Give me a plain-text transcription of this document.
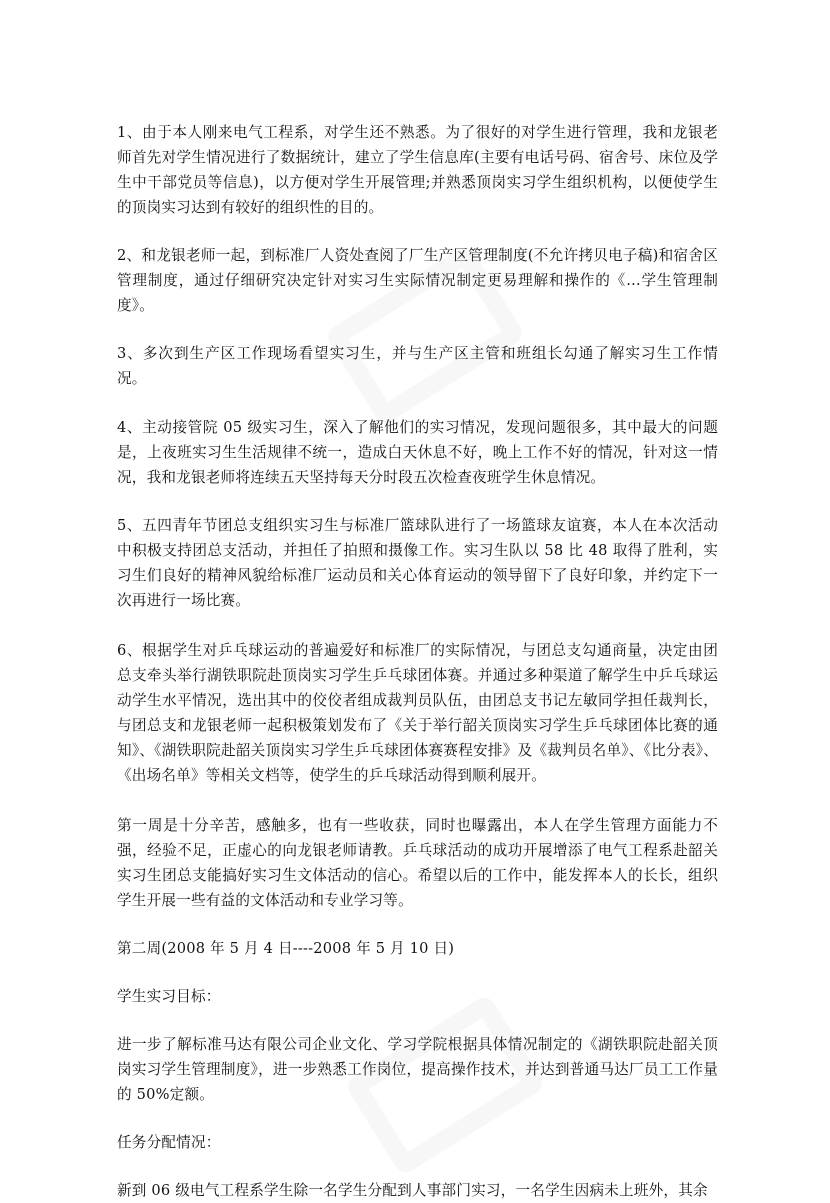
1、由于本人刚来电气工程系，对学生还不熟悉。为了很好的对学生进行管理，我和龙银老师首先对学生情况进行了数据统计，建立了学生信息库(主要有电话号码、宿舍号、床位及学生中干部党员等信息)，以方便对学生开展管理;并熟悉顶岗实习学生组织机构，以便使学生的顶岗实习达到有较好的组织性的目的。

2、和龙银老师一起，到标准厂人资处查阅了厂生产区管理制度(不允许拷贝电子稿)和宿舍区管理制度，通过仔细研究决定针对实习生实际情况制定更易理解和操作的《…学生管理制度》。

3、多次到生产区工作现场看望实习生，并与生产区主管和班组长勾通了解实习生工作情况。

4、主动接管院 05 级实习生，深入了解他们的实习情况，发现问题很多，其中最大的问题是，上夜班实习生生活规律不统一，造成白天休息不好，晚上工作不好的情况，针对这一情况，我和龙银老师将连续五天坚持每天分时段五次检查夜班学生休息情况。

5、五四青年节团总支组织实习生与标准厂篮球队进行了一场篮球友谊赛，本人在本次活动中积极支持团总支活动，并担任了拍照和摄像工作。实习生队以 58 比 48 取得了胜利，实习生们良好的精神风貌给标准厂运动员和关心体育运动的领导留下了良好印象，并约定下一次再进行一场比赛。

6、根据学生对乒乓球运动的普遍爱好和标准厂的实际情况，与团总支勾通商量，决定由团总支牵头举行湖铁职院赴顶岗实习学生乒乓球团体赛。并通过多种渠道了解学生中乒乓球运动学生水平情况，选出其中的佼佼者组成裁判员队伍，由团总支书记左敏同学担任裁判长，与团总支和龙银老师一起积极策划发布了《关于举行韶关顶岗实习学生乒乓球团体比赛的通知》、《湖铁职院赴韶关顶岗实习学生乒乓球团体赛赛程安排》及《裁判员名单》、《比分表》、《出场名单》等相关文档等，使学生的乒乓球活动得到顺利展开。

第一周是十分辛苦，感触多，也有一些收获，同时也曝露出，本人在学生管理方面能力不强，经验不足，正虚心的向龙银老师请教。乒乓球活动的成功开展增添了电气工程系赴韶关实习生团总支能搞好实习生文体活动的信心。希望以后的工作中，能发挥本人的长长，组织学生开展一些有益的文体活动和专业学习等。

第二周(2008 年 5 月 4 日----2008 年 5 月 10 日)

学生实习目标：

进一步了解标准马达有限公司企业文化、学习学院根据具体情况制定的《湖铁职院赴韶关顶岗实习学生管理制度》，进一步熟悉工作岗位，提高操作技术，并达到普通马达厂员工工作量的 50%定额。

任务分配情况：

新到 06 级电气工程系学生除一名学生分配到人事部门实习，一名学生因病未上班外，其余
